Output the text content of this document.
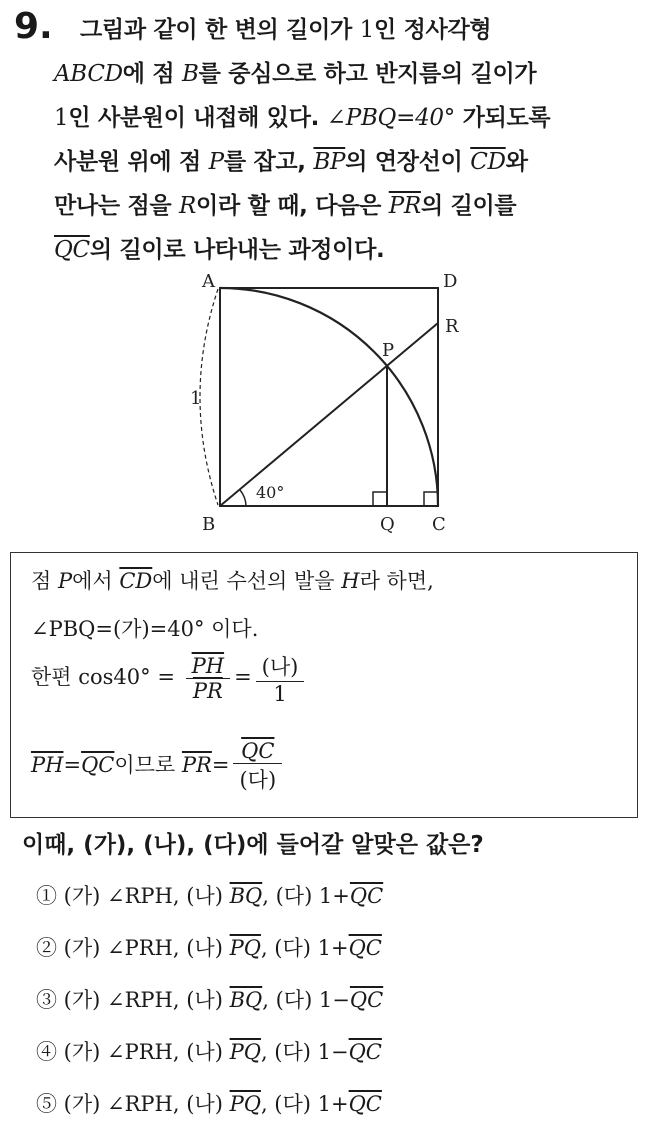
9.	그림과 같이 한 변의 길이가 1인 정사각형
ABCD에 점 B를 중심으로 하고 반지름의 길이가
1인 사분원이 내접해 있다. ∠PBQ=40° 가되도록
사분원 위에 점 P를 잡고, $\overline{BP}$의 연장선이 $\overline{CD}$와
만나는 점을 R이라 할 때, 다음은 $\overline{PR}$의 길이를
$\overline{QC}$의 길이로 나타내는 과정이다.
A	D
B	Q C
P
R
1
40°
점 P에서 $\overline{CD}$에 내린 수선의 발을 H라 하면,
∠PBQ=(가)=40° 이다.
한편 $\cos 40^\circ = \frac{\overline{PH}}{PR} = \frac{\text{(나)}}{1}$
$\overline{PH}=\overline{QC}$이므로 $\overline{PR}= \frac{\overline{QC}}{\text{(다)}}$
이때, (가), (나), (다)에 들어갈 알맞은 값은?
① (가) ∠RPH, (나) $\overline{BQ}$, (다) $1+\overline{QC}$
② (가) ∠PRH, (나) $\overline{PQ}$, (다) $1+\overline{QC}$
③ (가) ∠RPH, (나) $\overline{BQ}$, (다) $1-\overline{QC}$
④ (가) ∠PRH, (나) $\overline{PQ}$, (다) $1-\overline{QC}$
⑤ (가) ∠RPH, (나) $\overline{PQ}$, (다) $1+\overline{QC}$
